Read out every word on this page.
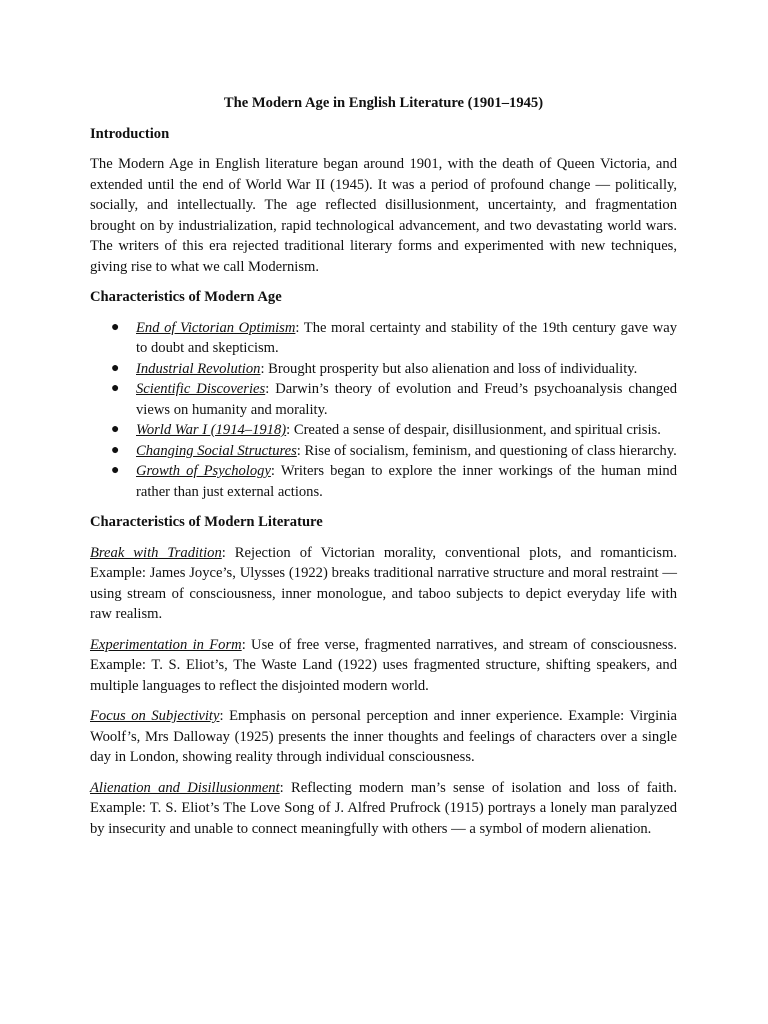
The Modern Age in English Literature (1901–1945)
Introduction
The Modern Age in English literature began around 1901, with the death of Queen Victoria, and extended until the end of World War II (1945). It was a period of profound change — politically, socially, and intellectually. The age reflected disillusionment, uncertainty, and fragmentation brought on by industrialization, rapid technological advancement, and two devastating world wars. The writers of this era rejected traditional literary forms and experimented with new techniques, giving rise to what we call Modernism.
Characteristics of Modern Age
● End of Victorian Optimism: The moral certainty and stability of the 19th century gave way to doubt and skepticism.
● Industrial Revolution: Brought prosperity but also alienation and loss of individuality.
● Scientific Discoveries: Darwin’s theory of evolution and Freud’s psychoanalysis changed views on humanity and morality.
● World War I (1914–1918): Created a sense of despair, disillusionment, and spiritual crisis.
● Changing Social Structures: Rise of socialism, feminism, and questioning of class hierarchy.
● Growth of Psychology: Writers began to explore the inner workings of the human mind rather than just external actions.
Characteristics of Modern Literature
Break with Tradition: Rejection of Victorian morality, conventional plots, and romanticism. Example: James Joyce’s, Ulysses (1922) breaks traditional narrative structure and moral restraint — using stream of consciousness, inner monologue, and taboo subjects to depict everyday life with raw realism.
Experimentation in Form: Use of free verse, fragmented narratives, and stream of consciousness. Example: T. S. Eliot’s, The Waste Land (1922) uses fragmented structure, shifting speakers, and multiple languages to reflect the disjointed modern world.
Focus on Subjectivity: Emphasis on personal perception and inner experience. Example: Virginia Woolf’s, Mrs Dalloway (1925) presents the inner thoughts and feelings of characters over a single day in London, showing reality through individual consciousness.
Alienation and Disillusionment: Reflecting modern man’s sense of isolation and loss of faith. Example: T. S. Eliot’s The Love Song of J. Alfred Prufrock (1915) portrays a lonely man paralyzed by insecurity and unable to connect meaningfully with others — a symbol of modern alienation.
